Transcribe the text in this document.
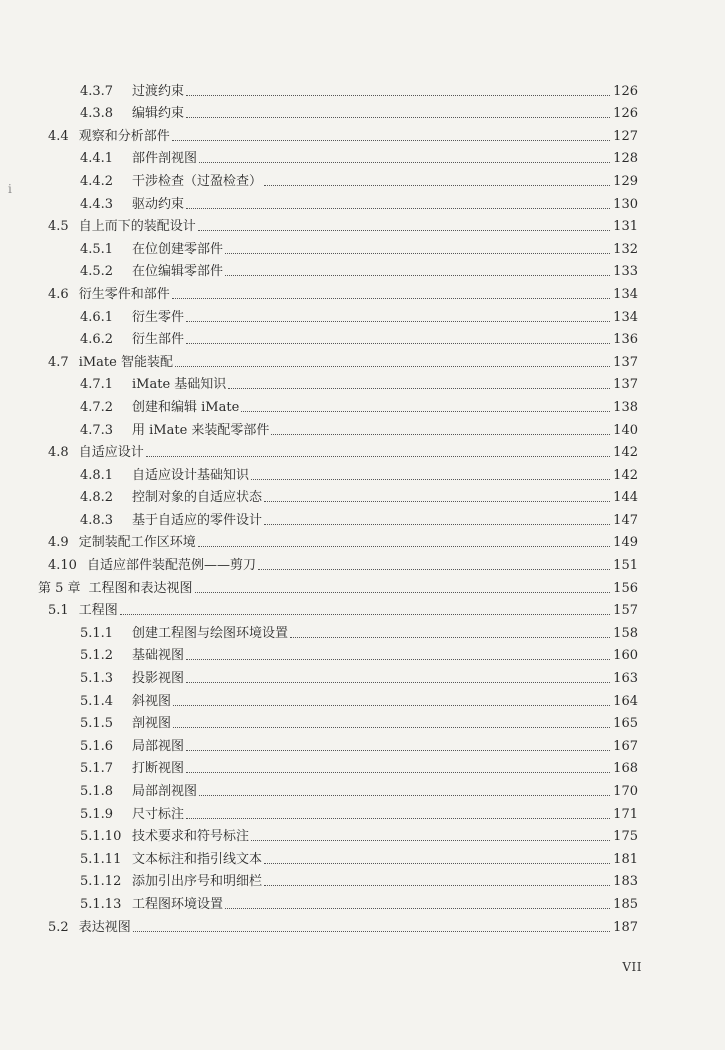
4.3.7	过渡约束	126
4.3.8	编辑约束	126
4.4 观察和分析部件	127
4.4.1	部件剖视图	128
4.4.2	干涉检查（过盈检查）	129
4.4.3	驱动约束	130
4.5 自上而下的装配设计	131
4.5.1	在位创建零部件	132
4.5.2	在位编辑零部件	133
4.6 衍生零件和部件	134
4.6.1	衍生零件	134
4.6.2	衍生部件	136
4.7 iMate 智能装配	137
4.7.1	iMate 基础知识	137
4.7.2	创建和编辑 iMate	138
4.7.3	用 iMate 来装配零部件	140
4.8 自适应设计	142
4.8.1	自适应设计基础知识	142
4.8.2	控制对象的自适应状态	144
4.8.3	基于自适应的零件设计	147
4.9 定制装配工作区环境	149
4.10 自适应部件装配范例——剪刀	151
第 5 章 工程图和表达视图	156
5.1 工程图	157
5.1.1	创建工程图与绘图环境设置	158
5.1.2	基础视图	160
5.1.3	投影视图	163
5.1.4	斜视图	164
5.1.5	剖视图	165
5.1.6	局部视图	167
5.1.7	打断视图	168
5.1.8	局部剖视图	170
5.1.9	尺寸标注	171
5.1.10 技术要求和符号标注	175
5.1.11 文本标注和指引线文本	181
5.1.12 添加引出序号和明细栏	183
5.1.13 工程图环境设置	185
5.2 表达视图	187
i
VII
